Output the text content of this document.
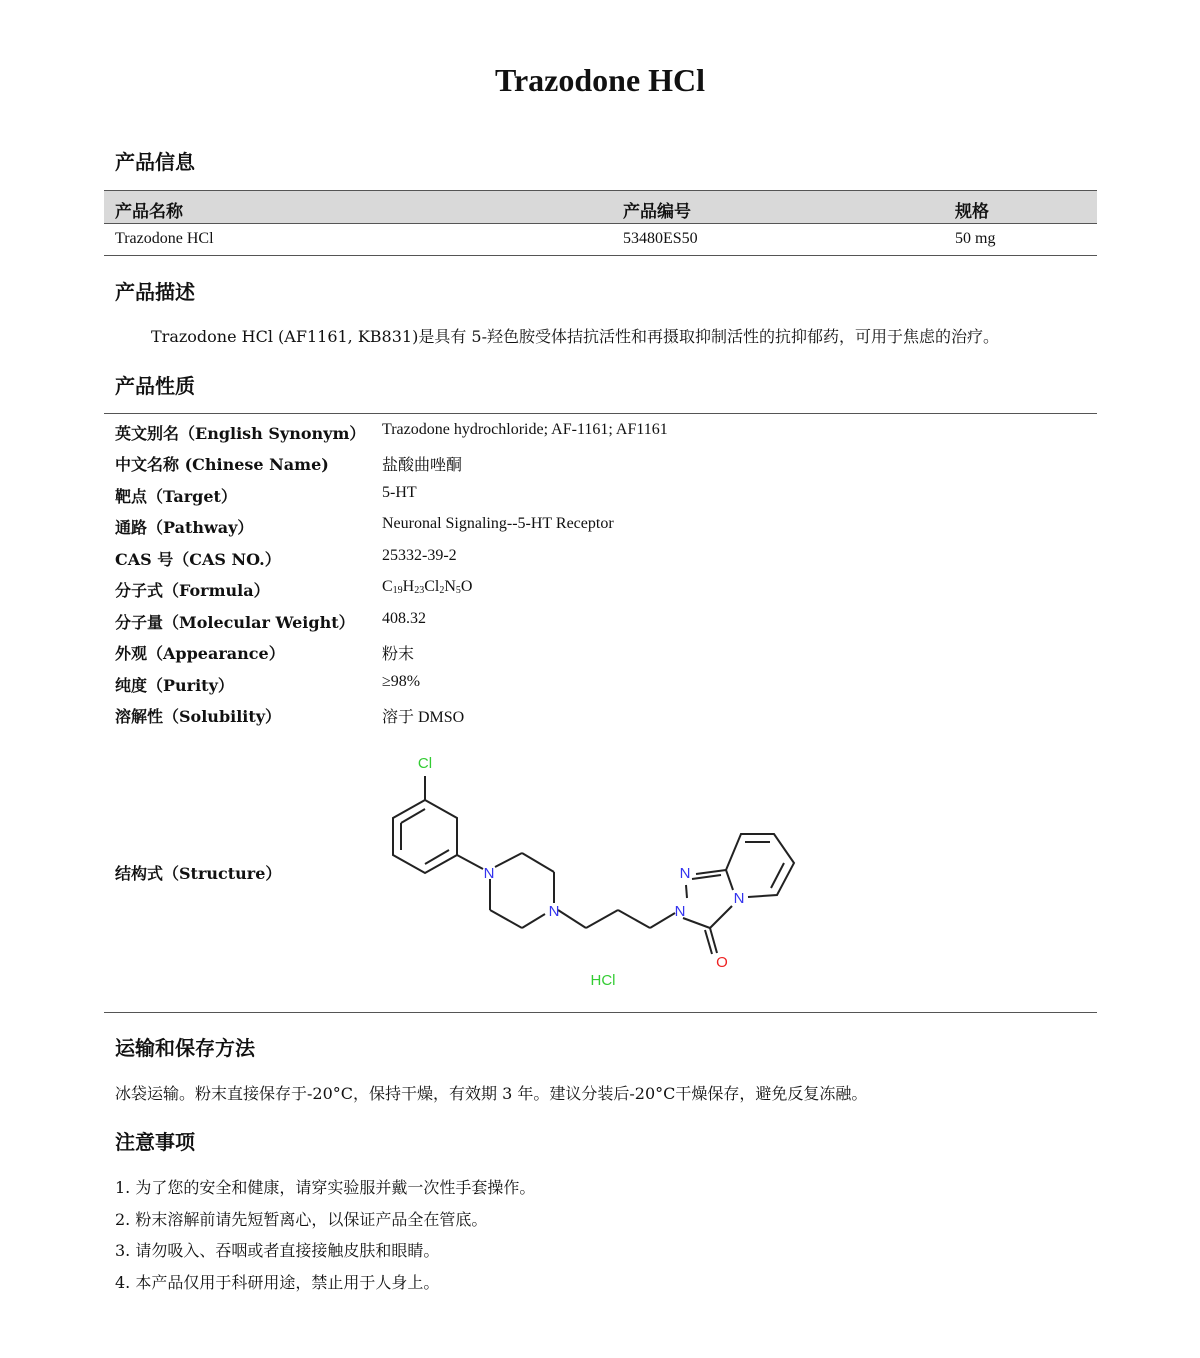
Trazodone HCl
产品信息
产品名称	产品编号	规格
Trazodone HCl	53480ES50	50 mg
产品描述
Trazodone HCl (AF1161, KB831)是具有 5-羟色胺受体拮抗活性和再摄取抑制活性的抗抑郁药，可用于焦虑的治疗。
产品性质
英文别名（English Synonym） Trazodone hydrochloride; AF-1161; AF1161
中文名称 (Chinese Name)	盐酸曲唑酮
靶点（Target）	5-HT
通路（Pathway）	Neuronal Signaling--5-HT Receptor
CAS 号（CAS NO.）	25332-39-2
分子式（Formula）	$C_{19}H_{23}Cl_2N_5O$
分子量（Molecular Weight） 408.32
外观（Appearance）	粉末
纯度（Purity）	≥98%
溶解性（Solubility）	溶于 DMSO
结构式（Structure）
Cl
N
N
N
N
N
O
HCl
运输和保存方法
冰袋运输。粉末直接保存于-20°C，保持干燥，有效期 3 年。建议分装后-20°C干燥保存，避免反复冻融。
注意事项
1. 为了您的安全和健康，请穿实验服并戴一次性手套操作。
2. 粉末溶解前请先短暂离心，以保证产品全在管底。
3. 请勿吸入、吞咽或者直接接触皮肤和眼睛。
4. 本产品仅用于科研用途，禁止用于人身上。
